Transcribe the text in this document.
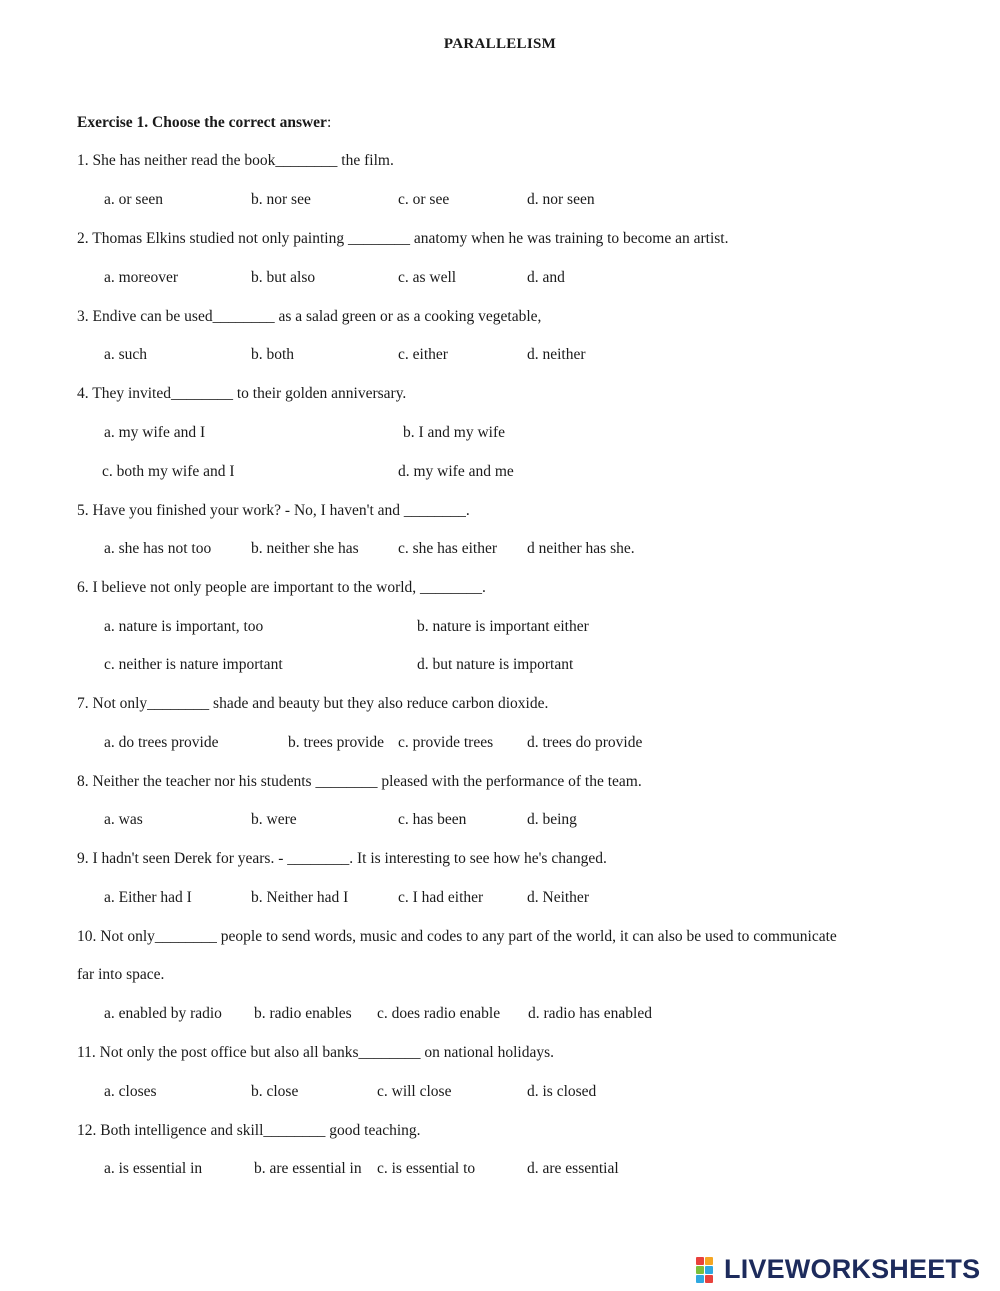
PARALLELISM
Exercise 1. Choose the correct answer:
1. She has neither read the book________ the film.
a. or seen	b. nor see	c. or see	d. nor seen
2. Thomas Elkins studied not only painting ________ anatomy when he was training to become an artist.
a. moreover	b. but also	c. as well	d. and
3. Endive can be used________ as a salad green or as a cooking vegetable,
a. such	b. both	c. either	d. neither
4. They invited________ to their golden anniversary.
a. my wife and I	b. I and my wife
c. both my wife and I	d. my wife and me
5. Have you finished your work? - No, I haven't and ________.
a. she has not too	b. neither she has	c. she has either d neither has she.
6. I believe not only people are important to the world, ________.
a. nature is important, too	b. nature is important either
c. neither is nature important	d. but nature is important
7. Not only________ shade and beauty but they also reduce carbon dioxide.
a. do trees provide	b. trees provide c. provide trees d. trees do provide
8. Neither the teacher nor his students ________ pleased with the performance of the team.
a. was	b. were	c. has been	d. being
9. I hadn't seen Derek for years. - ________. It is interesting to see how he's changed.
a. Either had I	b. Neither had I	c. I had either	d. Neither
10. Not only________ people to send words, music and codes to any part of the world, it can also be used to communicate
far into space.
a. enabled by radio b. radio enables c. does radio enable d. radio has enabled
11. Not only the post office but also all banks________ on national holidays.
a. closes	b. close	c. will close	d. is closed
12. Both intelligence and skill________ good teaching.
a. is essential in	b. are essential in c. is essential to	d. are essential
LIVEWORKSHEETS
